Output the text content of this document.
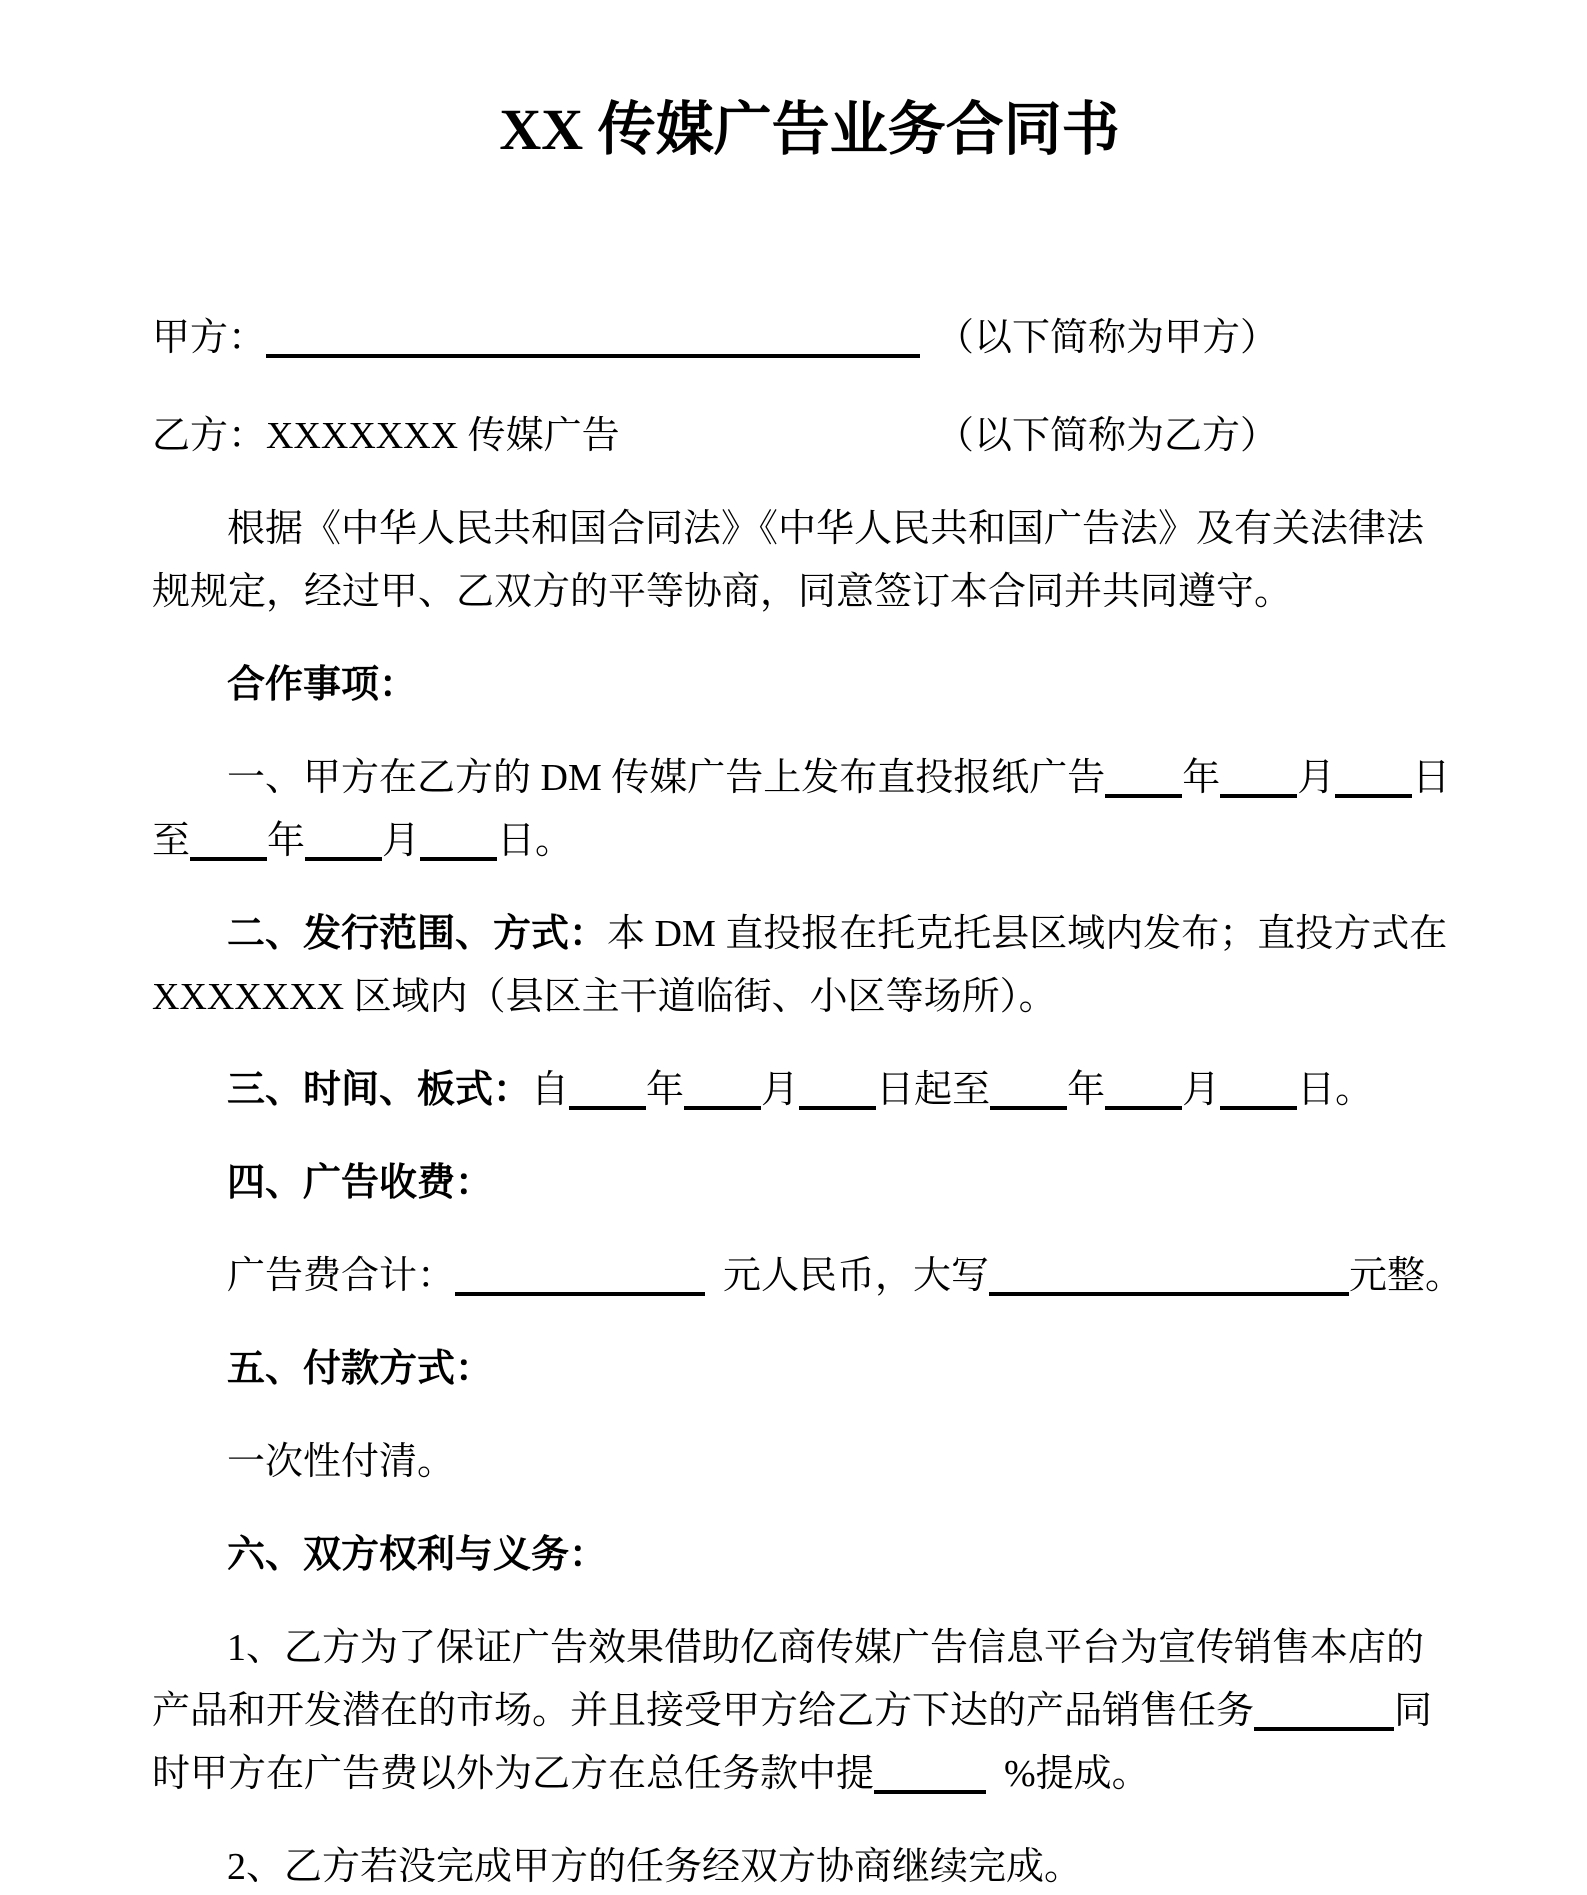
XX 传媒广告业务合同书

甲方：	（以下简称为甲方）

乙方：XXXXXXX 传媒广告	（以下简称为乙方）

根据《中华人民共和国合同法》《中华人民共和国广告法》及有关法律法
规规定，经过甲、乙双方的平等协商，同意签订本合同并共同遵守。

合作事项：

一、甲方在乙方的 DM 传媒广告上发布直投报纸广告 年 月 日
至 年 月 日。

二、发行范围、方式：本 DM 直投报在托克托县区域内发布；直投方式在
XXXXXXX 区域内（县区主干道临街、小区等场所）。

三、时间、板式：自 年 月 日起至 年 月 日。

四、广告收费：

广告费合计：	元人民币，大写	元整。

五、付款方式：

一次性付清。

六、双方权利与义务：

1、乙方为了保证广告效果借助亿商传媒广告信息平台为宣传销售本店的
产品和开发潜在的市场。并且接受甲方给乙方下达的产品销售任务	同
时甲方在广告费以外为乙方在总任务款中提	%提成。

2、乙方若没完成甲方的任务经双方协商继续完成。
